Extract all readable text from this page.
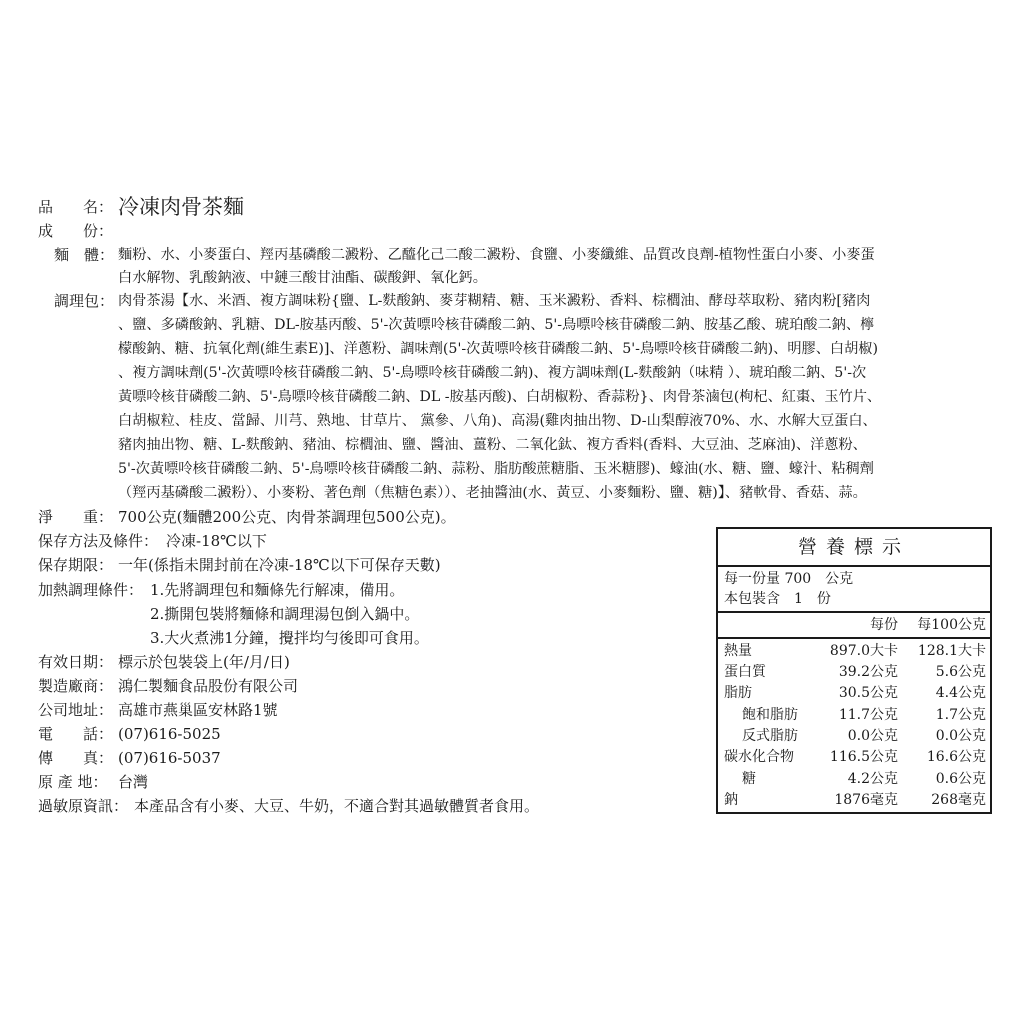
品　　名： 冷凍肉骨茶麵
成　　份：
麵　體： 麵粉、水、小麥蛋白、羥丙基磷酸二澱粉、乙醯化己二酸二澱粉、食鹽、小麥纖維、品質改良劑-植物性蛋白小麥、小麥蛋
白水解物、乳酸鈉液、中鏈三酸甘油酯、碳酸鉀、氧化鈣。
調理包： 肉骨茶湯【水、米酒、複方調味粉{鹽、L-麩酸鈉、麥芽糊精、糖、玉米澱粉、香料、棕櫚油、酵母萃取粉、豬肉粉[豬肉
、鹽、多磷酸鈉、乳糖、DL-胺基丙酸、5'-次黃嘌呤核苷磷酸二鈉、5'-鳥嘌呤核苷磷酸二鈉、胺基乙酸、琥珀酸二鈉、檸
檬酸鈉、糖、抗氧化劑(維生素E)]、洋蔥粉、調味劑(5'-次黃嘌呤核苷磷酸二鈉、5'-鳥嘌呤核苷磷酸二鈉)、明膠、白胡椒)
、複方調味劑(5'-次黃嘌呤核苷磷酸二鈉、5'-鳥嘌呤核苷磷酸二鈉)、複方調味劑(L-麩酸鈉（味精 ）、琥珀酸二鈉、5'-次
黃嘌呤核苷磷酸二鈉、5'-鳥嘌呤核苷磷酸二鈉、DL -胺基丙酸)、白胡椒粉、香蒜粉}、肉骨茶滷包(枸杞、紅棗、玉竹片、
白胡椒粒、桂皮、當歸、川芎、熟地、甘草片、 黨參、八角)、高湯(雞肉抽出物、D-山梨醇液70%、水、水解大豆蛋白、
豬肉抽出物、糖、L-麩酸鈉、豬油、棕櫚油、鹽、醬油、薑粉、二氧化鈦、複方香料(香料、大豆油、芝麻油)、洋蔥粉、
5'-次黃嘌呤核苷磷酸二鈉、5'-鳥嘌呤核苷磷酸二鈉、蒜粉、脂肪酸蔗糖脂、玉米糖膠)、蠔油(水、糖、鹽、蠔汁、粘稠劑
（羥丙基磷酸二澱粉）、小麥粉、著色劑（焦糖色素））、老抽醬油(水、黃豆、小麥麵粉、鹽、糖)】、豬軟骨、香菇、蒜。
淨　　重： 700公克(麵體200公克、肉骨茶調理包500公克)。
保存方法及條件： 冷凍-18℃以下
保存期限： 一年(係指未開封前在冷凍-18℃以下可保存天數)
加熱調理條件： 1.先將調理包和麵條先行解凍，備用。
2.撕開包裝將麵條和調理湯包倒入鍋中。
3.大火煮沸1分鐘，攪拌均勻後即可食用。
有效日期： 標示於包裝袋上(年/月/日)
製造廠商： 鴻仁製麵食品股份有限公司
公司地址： 高雄市燕巢區安林路1號
電　　話： (07)616-5025
傳　　真： (07)616-5037
原 產 地： 台灣
過敏原資訊： 本產品含有小麥、大豆、牛奶，不適合對其過敏體質者食用。
營養標示
每一份量 700　公克
本包裝含　1　份
每份 每100公克
熱量	897.0大卡 128.1大卡
蛋白質	39.2公克	5.6公克
脂肪	30.5公克	4.4公克
飽和脂肪	11.7公克	1.7公克
反式脂肪	0.0公克	0.0公克
碳水化合物	116.5公克 16.6公克
糖	4.2公克	0.6公克
鈉	1876毫克 268毫克
